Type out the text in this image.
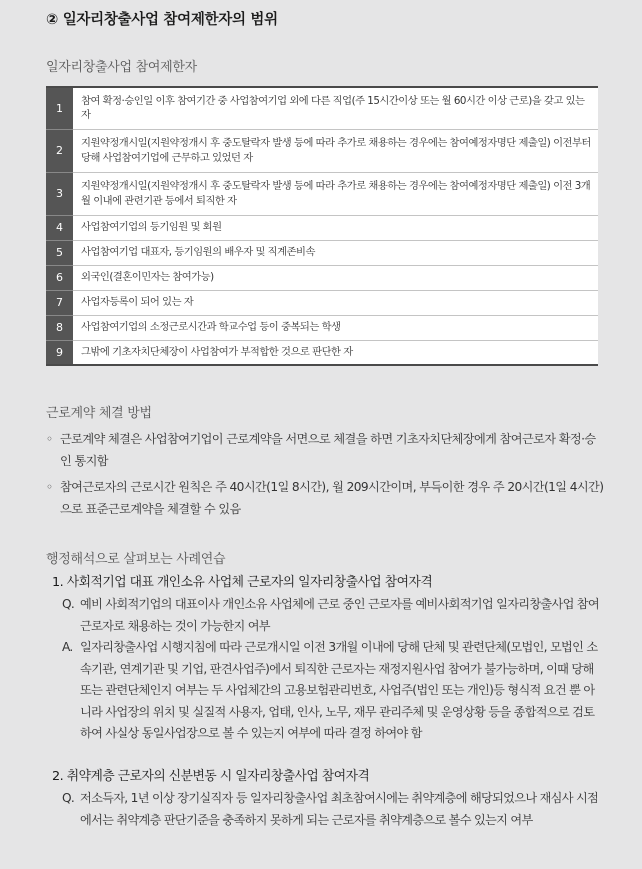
② 일자리창출사업 참여제한자의 범위
일자리창출사업 참여제한자
1	참여 확정·승인일 이후 참여기간 중 사업참여기업 외에 다른 직업(주 15시간이상 또는 월 60시간 이상 근로)을 갖고 있는 자
2	지원약정개시일(지원약정개시 후 중도탈락자 발생 등에 따라 추가로 채용하는 경우에는 참여예정자명단 제출일) 이전부터 당해 사업참여기업에 근무하고 있었던 자
3	지원약정개시일(지원약정개시 후 중도탈락자 발생 등에 따라 추가로 채용하는 경우에는 참여예정자명단 제출일) 이전 3개월 이내에 관련기관 등에서 퇴직한 자
4	사업참여기업의 등기임원 및 회원
5	사업참여기업 대표자, 등기임원의 배우자 및 직계존비속
6	외국인(결혼이민자는 참여가능)
7	사업자등록이 되어 있는 자
8	사업참여기업의 소정근로시간과 학교수업 등이 중복되는 학생
9	그밖에 기초자치단체장이 사업참여가 부적합한 것으로 판단한 자
근로계약 체결 방법
◦ 근로계약 체결은 사업참여기업이 근로계약을 서면으로 체결을 하면 기초자치단체장에게 참여근로자 확정·승인 통지함
◦ 참여근로자의 근로시간 원칙은 주 40시간(1일 8시간), 월 209시간이며, 부득이한 경우 주 20시간(1일 4시간)으로 표준근로계약을 체결할 수 있음
행정해석으로 살펴보는 사례연습
1. 사회적기업 대표 개인소유 사업체 근로자의 일자리창출사업 참여자격
Q. 예비 사회적기업의 대표이사 개인소유 사업체에 근로 중인 근로자를 예비사회적기업 일자리창출사업 참여근로자로 채용하는 것이 가능한지 여부
A. 일자리창출사업 시행지침에 따라 근로개시일 이전 3개월 이내에 당해 단체 및 관련단체(모법인, 모법인 소속기관, 연계기관 및 기업, 판견사업주)에서 퇴직한 근로자는 재정지원사업 참여가 불가능하며, 이때 당해 또는 관련단체인지 여부는 두 사업체간의 고용보험관리번호, 사업주(법인 또는 개인)등 형식적 요건 뿐 아니라 사업장의 위치 및 실질적 사용자, 업태, 인사, 노무, 재무 관리주체 및 운영상황 등을 종합적으로 검토하여 사실상 동일사업장으로 볼 수 있는지 여부에 따라 결정 하여야 함
2. 취약계층 근로자의 신분변동 시 일자리창출사업 참여자격
Q. 저소득자, 1년 이상 장기실직자 등 일자리창출사업 최초참여시에는 취약계층에 해당되었으나 재심사 시점에서는 취약계층 판단기준을 충족하지 못하게 되는 근로자를 취약계층으로 볼수 있는지 여부
